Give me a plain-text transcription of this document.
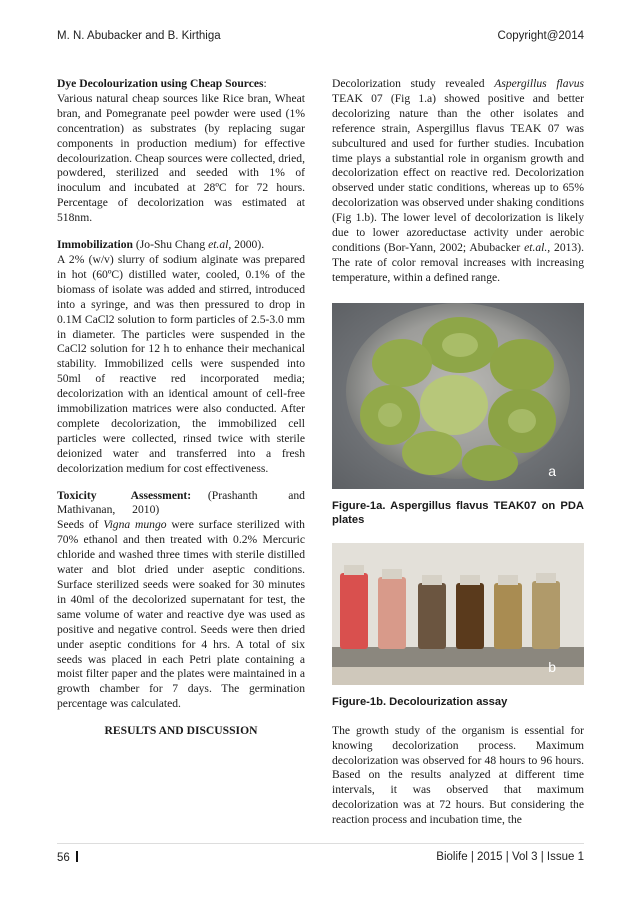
M. N. Abubacker and B. Kirthiga	Copyright@2014

Dye Decolourization using Cheap Sources:
Various natural cheap sources like Rice bran, Wheat bran, and Pomegranate peel powder were used (1% concentration) as substrates (by replacing sugar components in production medium) for effective decolourization. Cheap sources were collected, dried, powdered, sterilized and seeded with 1% of inoculum and incubated at 28ºC for 72 hours. Percentage of decolorization was estimated at 518nm.

Immobilization (Jo-Shu Chang et.al, 2000).
A 2% (w/v) slurry of sodium alginate was prepared in hot (60ºC) distilled water, cooled, 0.1% of the biomass of isolate was added and stirred, introduced into a syringe, and was then pressured to drop in 0.1M CaCl2 solution to form particles of 2.5-3.0 mm in diameter. The particles were suspended in the CaCl2 solution for 12 h to enhance their mechanical stability. Immobilized cells were suspended into 50ml of reactive red incorporated media; decolorization with an identical amount of cell-free immobilization matrices were also conducted. After complete decolorization, the immobilized cell particles were collected, rinsed twice with sterile deionized water and transferred into a fresh decolorization medium for cost effectiveness.

Toxicity Assessment: (Prashanth and Mathivanan, 2010)
Seeds of Vigna mungo were surface sterilized with 70% ethanol and then treated with 0.2% Mercuric chloride and washed three times with sterile distilled water and blot dried under aseptic conditions. Surface sterilized seeds were soaked for 30 minutes in 40ml of the decolorized supernatant for test, the same volume of water and reactive dye was used as positive and negative control. Seeds were then dried under aseptic conditions for 4 hrs. A total of six seeds was placed in each Petri plate containing a moist filter paper and the plates were maintained in a growth chamber for 7 days. The germination percentage was calculated.

RESULTS AND DISCUSSION

Decolorization study revealed Aspergillus flavus TEAK 07 (Fig 1.a) showed positive and better decolorizing nature than the other isolates and reference strain, Aspergillus flavus TEAK 07 was subcultured and used for further studies. Incubation time plays a substantial role in organism growth and decolorization effect on reactive red. Decolorization observed under static conditions, whereas up to 65% decolorization was observed under shaking conditions (Fig 1.b). The lower level of decolorization is likely due to lower azoreductase activity under aerobic conditions (Bor-Yann, 2002; Abubacker et.al., 2013). The rate of color removal increases with increasing temperature, within a defined range.

a
Figure-1a. Aspergillus flavus TEAK07 on PDA plates
b
Figure-1b. Decolourization assay

The growth study of the organism is essential for knowing decolorization process. Maximum decolorization was observed for 48 hours to 96 hours. Based on the results analyzed at different time intervals, it was observed that maximum decolorization was at 72 hours. But considering the reaction process and incubation time, the

56	Biolife | 2015 | Vol 3 | Issue 1
